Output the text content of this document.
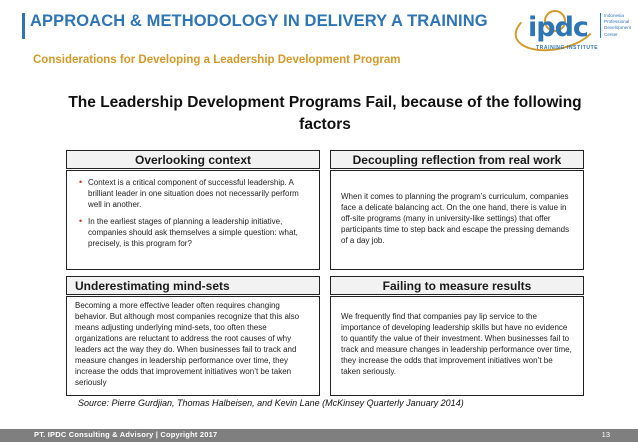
APPROACH & METHODOLOGY IN DELIVERY A TRAINING
Considerations for Developing a Leadership Development Program
ipdc
TRAINING INSTITUTE
Indonesia Professional Development Center
The Leadership Development Programs Fail, because of the following factors
Overlooking context
• Context is a critical component of successful leadership. A brilliant leader in one situation does not necessarily perform well in another.
• In the earliest stages of planning a leadership initiative, companies should ask themselves a simple question: what, precisely, is this program for?
Decoupling reflection from real work
When it comes to planning the program’s curriculum, companies face a delicate balancing act. On the one hand, there is value in off-site programs (many in university-like settings) that offer participants time to step back and escape the pressing demands of a day job.
Underestimating mind-sets
Becoming a more effective leader often requires changing behavior. But although most companies recognize that this also means adjusting underlying mind-sets, too often these organizations are reluctant to address the root causes of why leaders act the way they do. When businesses fail to track and measure changes in leadership performance over time, they increase the odds that improvement initiatives won’t be taken seriously
Failing to measure results
We frequently find that companies pay lip service to the importance of developing leadership skills but have no evidence to quantify the value of their investment. When businesses fail to track and measure changes in leadership performance over time, they increase the odds that improvement initiatives won’t be taken seriously.
Source: Pierre Gurdjian, Thomas Halbeisen, and Kevin Lane (McKinsey Quarterly January 2014)
PT. IPDC Consulting & Advisory | Copyright 2017	13
